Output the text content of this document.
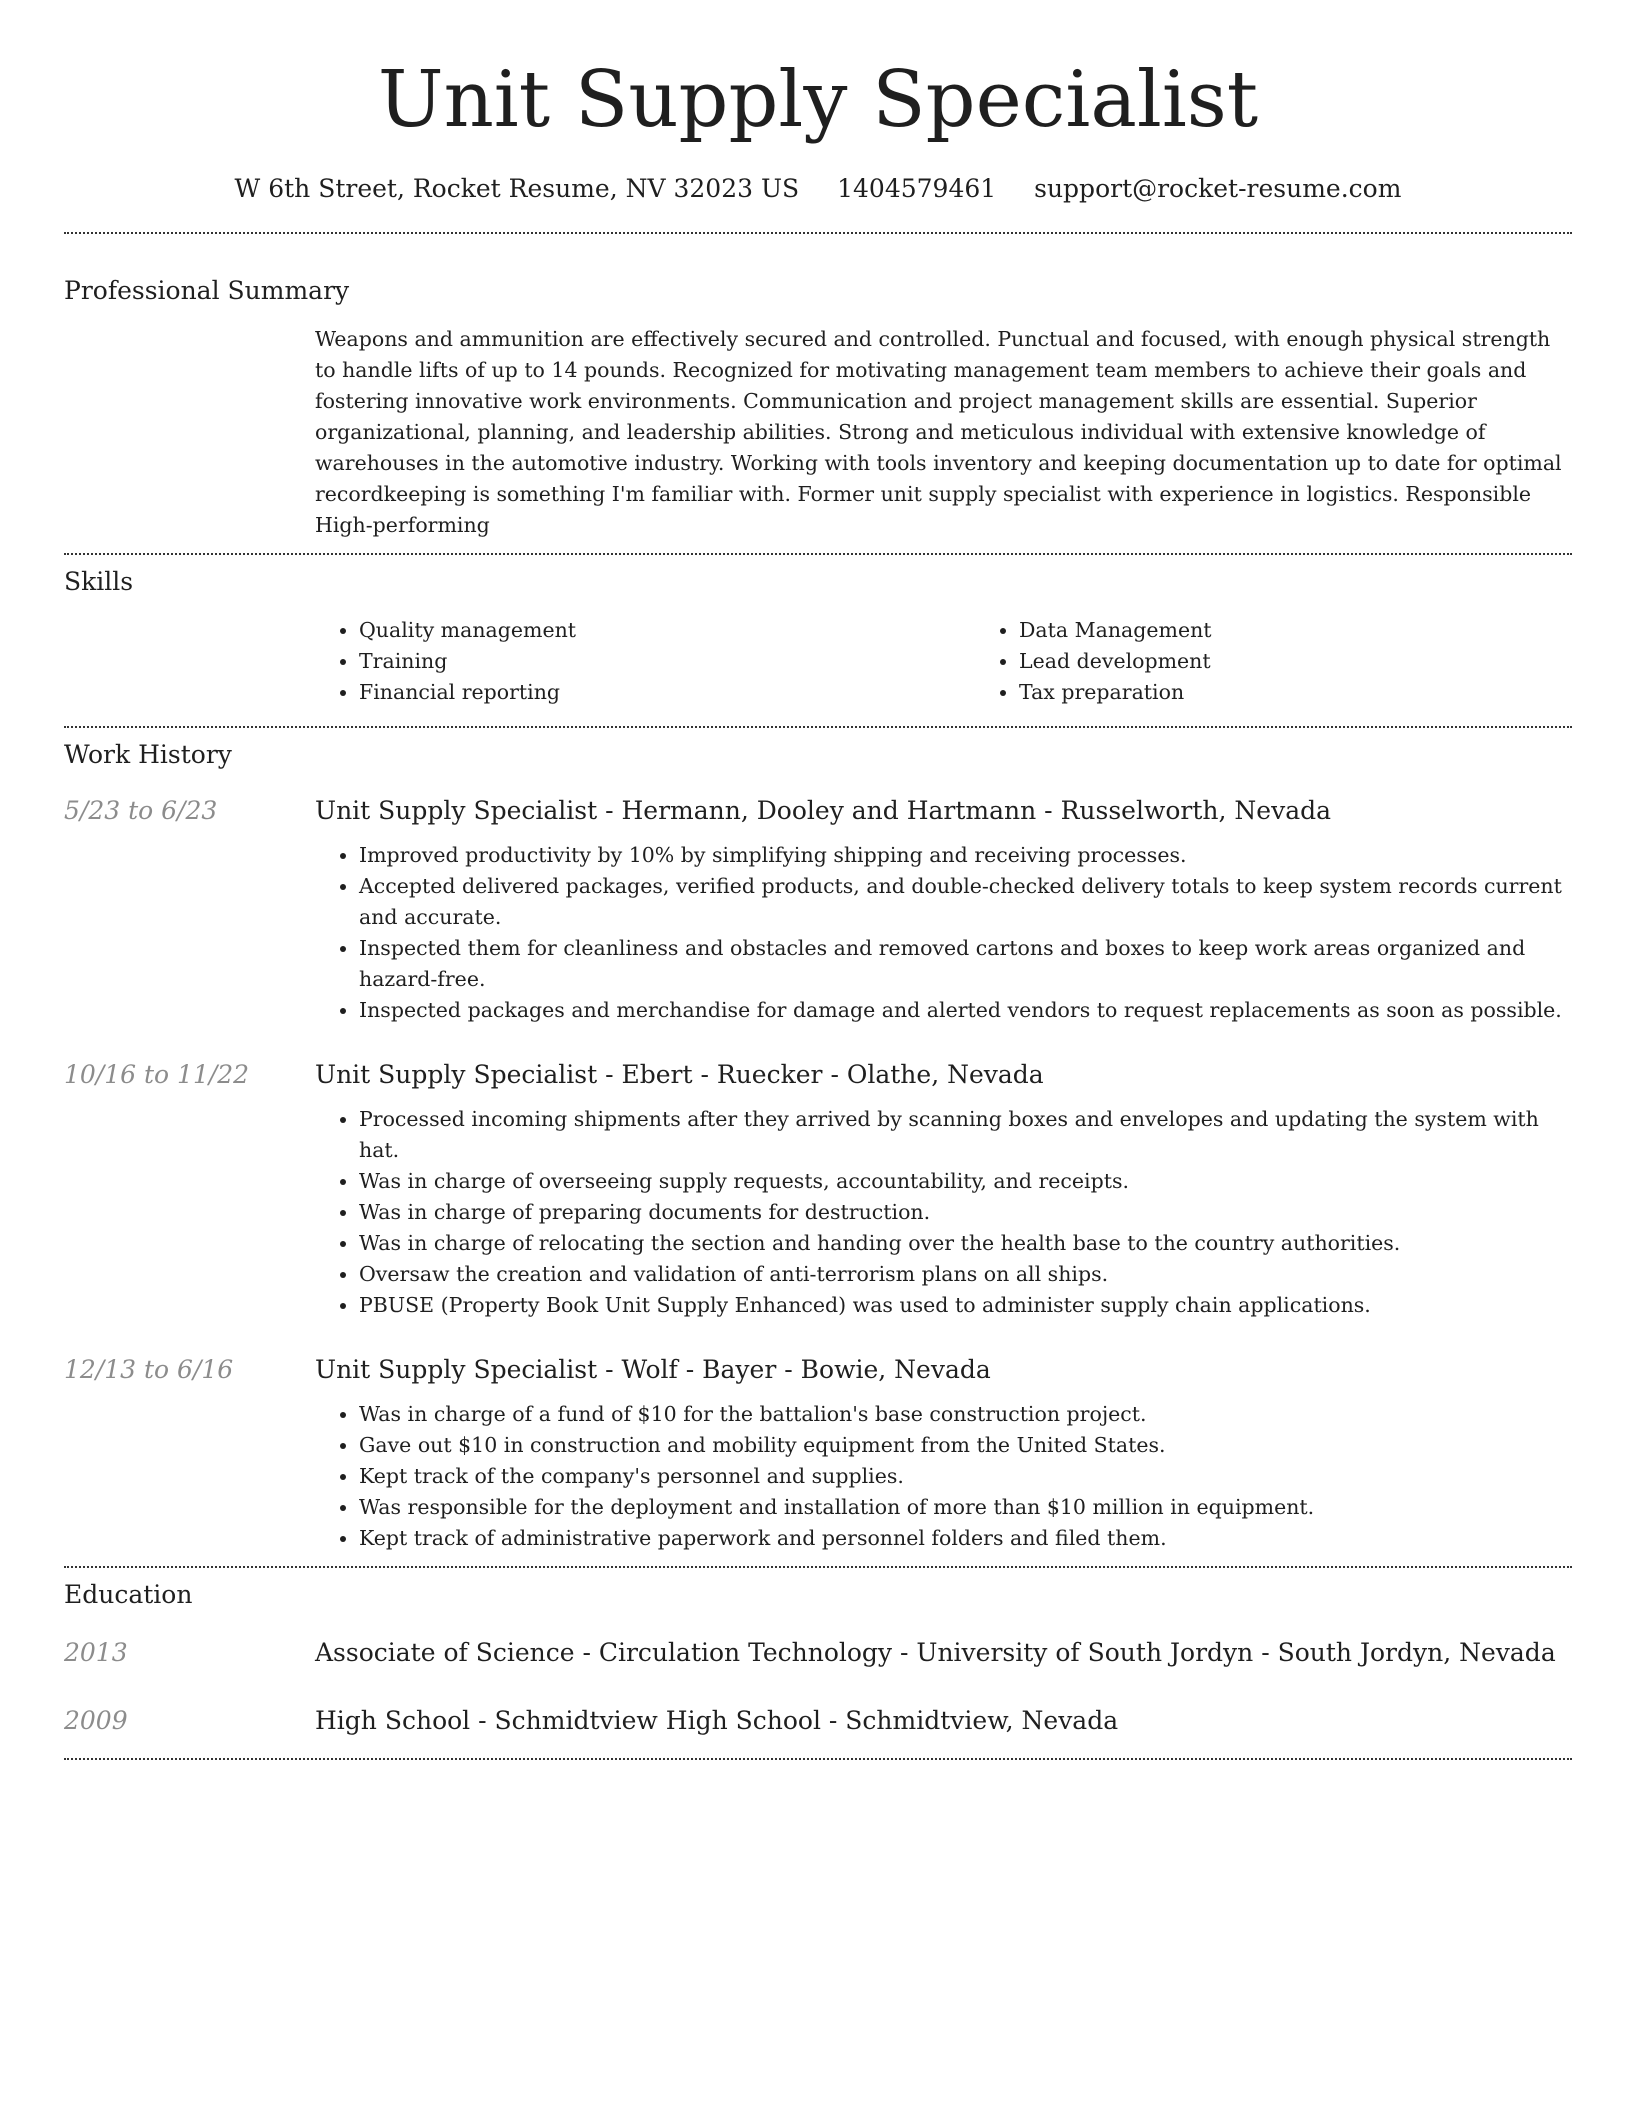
Unit Supply Specialist
W 6th Street, Rocket Resume, NV 32023 US 1404579461 support@rocket-resume.com
Professional Summary

Weapons and ammunition are effectively secured and controlled. Punctual and focused, with enough physical strength to handle lifts of up to 14 pounds. Recognized for motivating management team members to achieve their goals and fostering innovative work environments. Communication and project management skills are essential. Superior organizational, planning, and leadership abilities. Strong and meticulous individual with extensive knowledge of warehouses in the automotive industry. Working with tools inventory and keeping documentation up to date for optimal recordkeeping is something I'm familiar with. Former unit supply specialist with experience in logistics. Responsible High-performing

Skills
• Quality management
• Training
• Financial reporting
• Data Management
• Lead development
• Tax preparation
Work History
5/23 to 6/23	Unit Supply Specialist - Hermann, Dooley and Hartmann - Russelworth, Nevada
• Improved productivity by 10% by simplifying shipping and receiving processes.
• Accepted delivered packages, verified products, and double-checked delivery totals to keep system records current and accurate.
• Inspected them for cleanliness and obstacles and removed cartons and boxes to keep work areas organized and hazard-free.
• Inspected packages and merchandise for damage and alerted vendors to request replacements as soon as possible.
10/16 to 11/22	Unit Supply Specialist - Ebert - Ruecker - Olathe, Nevada
• Processed incoming shipments after they arrived by scanning boxes and envelopes and updating the system with hat.
• Was in charge of overseeing supply requests, accountability, and receipts.
• Was in charge of preparing documents for destruction.
• Was in charge of relocating the section and handing over the health base to the country authorities.
• Oversaw the creation and validation of anti-terrorism plans on all ships.
• PBUSE (Property Book Unit Supply Enhanced) was used to administer supply chain applications.
12/13 to 6/16	Unit Supply Specialist - Wolf - Bayer - Bowie, Nevada
• Was in charge of a fund of $10 for the battalion's base construction project.
• Gave out $10 in construction and mobility equipment from the United States.
• Kept track of the company's personnel and supplies.
• Was responsible for the deployment and installation of more than $10 million in equipment.
• Kept track of administrative paperwork and personnel folders and filed them.
Education
2013	Associate of Science - Circulation Technology - University of South Jordyn - South Jordyn, Nevada
2009	High School - Schmidtview High School - Schmidtview, Nevada
